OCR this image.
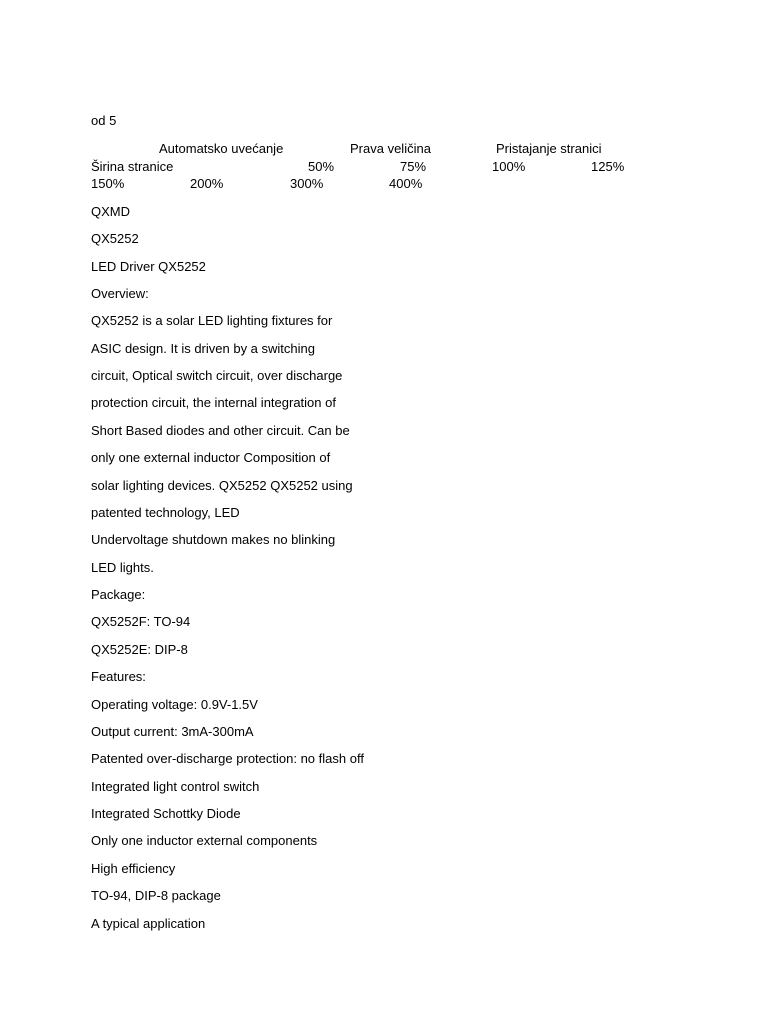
od 5
Automatsko uvećanje	Prava veličina	Pristajanje stranici
Širina stranice	50%	75%	100%	125%
150%	200%	300%	400%
QXMD
QX5252
LED Driver QX5252
Overview:
QX5252 is a solar LED lighting fixtures for
ASIC design. It is driven by a switching
circuit, Optical switch circuit, over discharge
protection circuit, the internal integration of
Short Based diodes and other circuit. Can be
only one external inductor Composition of
solar lighting devices. QX5252 QX5252 using
patented technology, LED
Undervoltage shutdown makes no blinking
LED lights.
Package:
QX5252F: TO-94
QX5252E: DIP-8
Features:
Operating voltage: 0.9V-1.5V
Output current: 3mA-300mA
Patented over-discharge protection: no flash off
Integrated light control switch
Integrated Schottky Diode
Only one inductor external components
High efficiency
TO-94, DIP-8 package
A typical application
